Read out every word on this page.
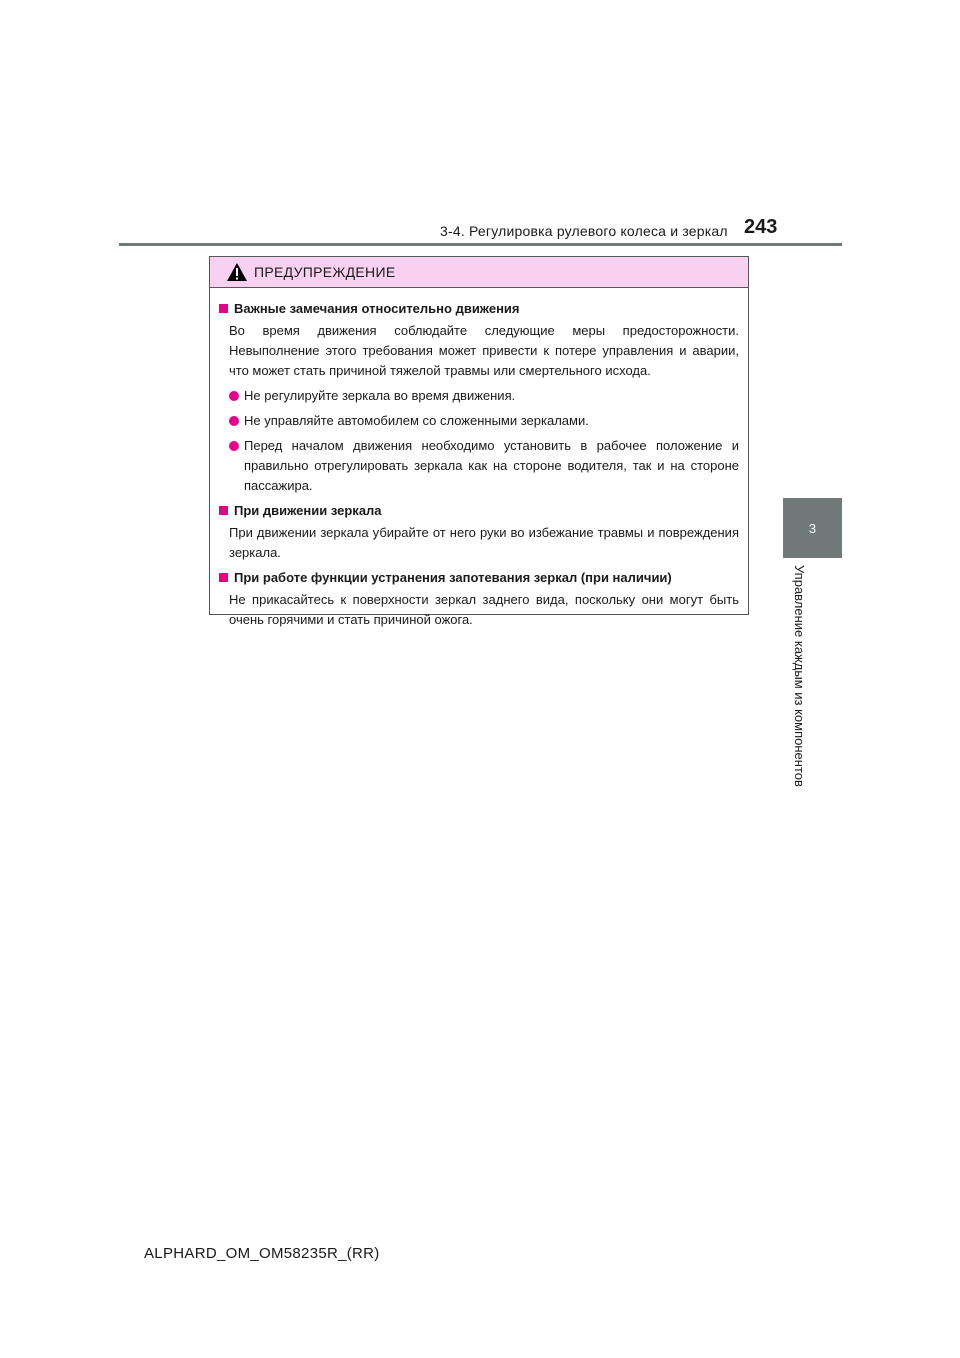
3-4. Регулировка рулевого колеса и зеркал 243
3
Управление каждым из компонентов
ПРЕДУПРЕЖДЕНИЕ
Важные замечания относительно движения
Во время движения соблюдайте следующие меры предосторожности. Невыполнение этого требования может привести к потере управления и аварии, что может стать причиной тяжелой травмы или смертельного исхода.
Не регулируйте зеркала во время движения.
Не управляйте автомобилем со сложенными зеркалами.
Перед началом движения необходимо установить в рабочее положение и правильно отрегулировать зеркала как на стороне водителя, так и на стороне пассажира.
При движении зеркала
При движении зеркала убирайте от него руки во избежание травмы и повреждения зеркала.
При работе функции устранения запотевания зеркал (при наличии)
Не прикасайтесь к поверхности зеркал заднего вида, поскольку они могут быть очень горячими и стать причиной ожога.
ALPHARD_OM_OM58235R_(RR)
